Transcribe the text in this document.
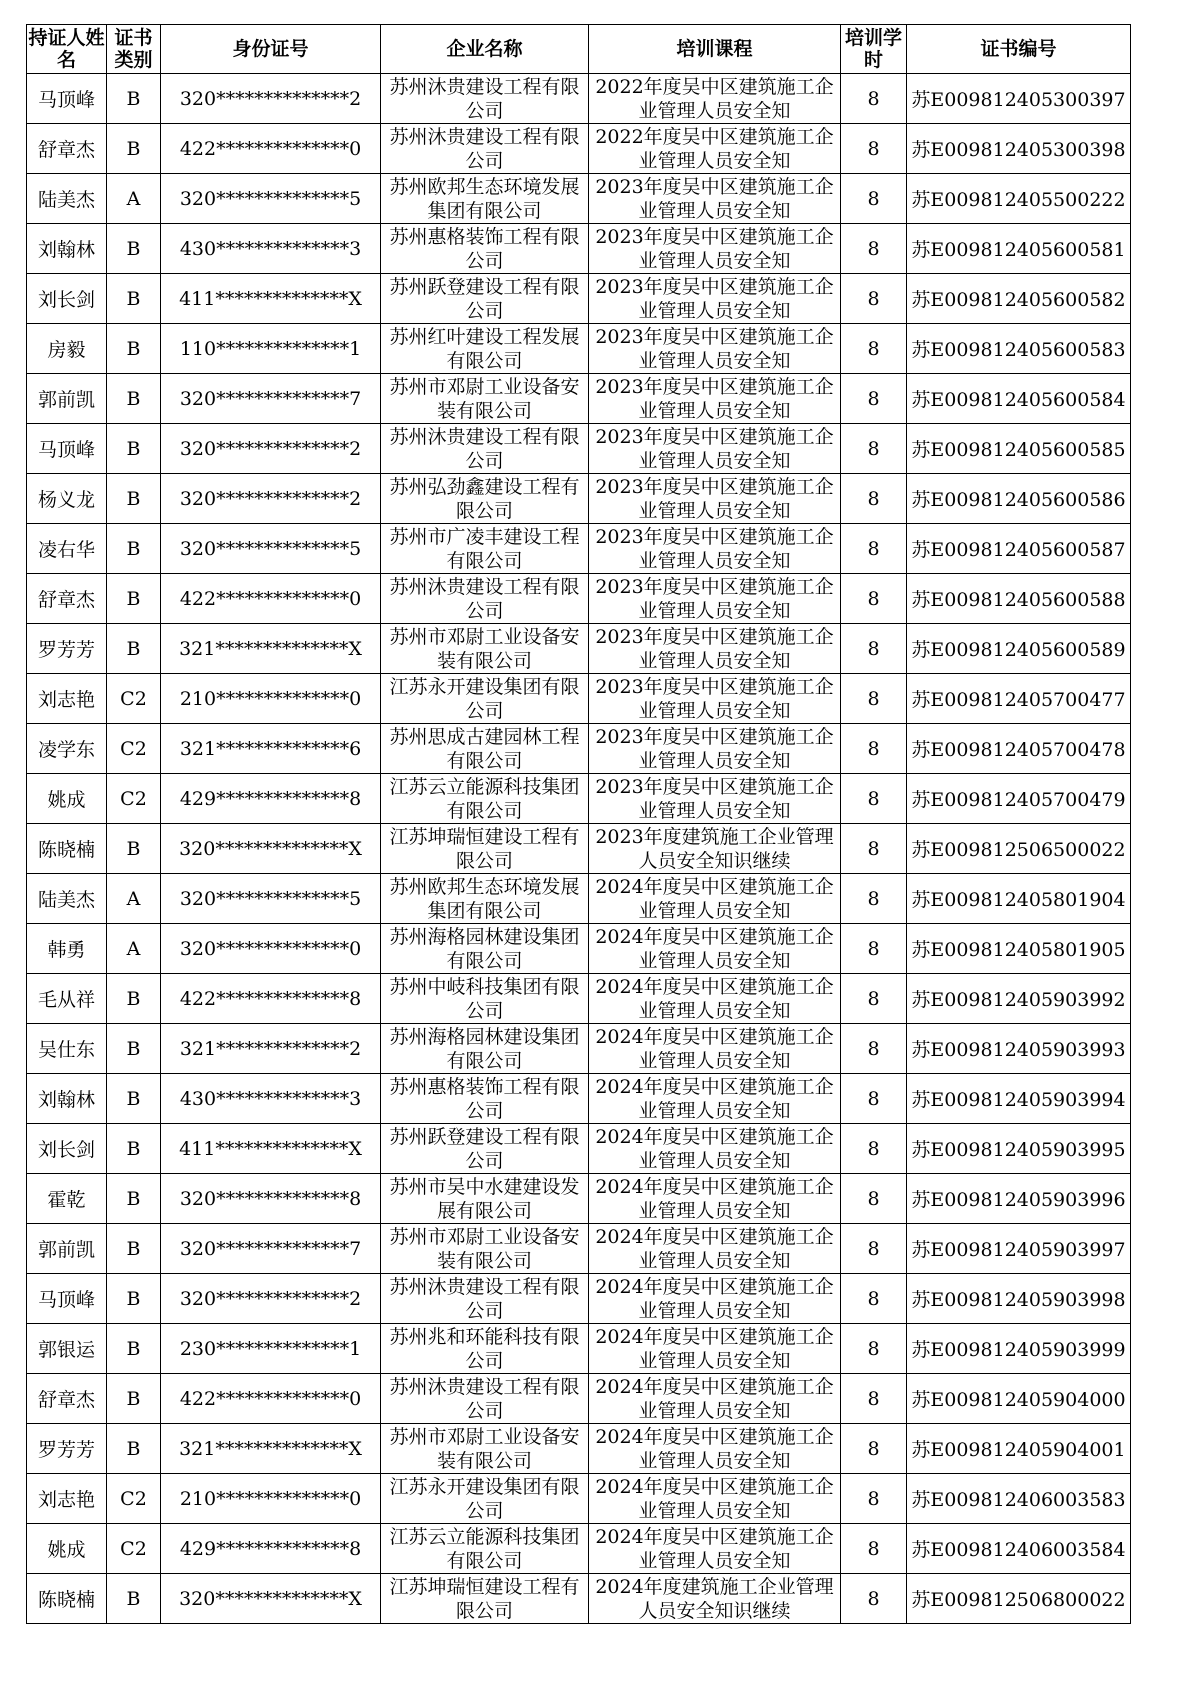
持证人姓名	证书类别	身份证号	企业名称	培训课程	培训学时	证书编号
马顶峰	B	320**************2	苏州沐贵建设工程有限公司	2022年度吴中区建筑施工企业管理人员安全知	8	苏E009812405300397
舒章杰	B	422**************0	苏州沐贵建设工程有限公司	2022年度吴中区建筑施工企业管理人员安全知	8	苏E009812405300398
陆美杰	A	320**************5	苏州欧邦生态环境发展集团有限公司	2023年度吴中区建筑施工企业管理人员安全知	8	苏E009812405500222
刘翰林	B	430**************3	苏州惠格装饰工程有限公司	2023年度吴中区建筑施工企业管理人员安全知	8	苏E009812405600581
刘长剑	B	411**************X	苏州跃登建设工程有限公司	2023年度吴中区建筑施工企业管理人员安全知	8	苏E009812405600582
房毅	B	110**************1	苏州红叶建设工程发展有限公司	2023年度吴中区建筑施工企业管理人员安全知	8	苏E009812405600583
郭前凯	B	320**************7	苏州市邓尉工业设备安装有限公司	2023年度吴中区建筑施工企业管理人员安全知	8	苏E009812405600584
马顶峰	B	320**************2	苏州沐贵建设工程有限公司	2023年度吴中区建筑施工企业管理人员安全知	8	苏E009812405600585
杨义龙	B	320**************2	苏州弘劲鑫建设工程有限公司	2023年度吴中区建筑施工企业管理人员安全知	8	苏E009812405600586
凌右华	B	320**************5	苏州市广凌丰建设工程有限公司	2023年度吴中区建筑施工企业管理人员安全知	8	苏E009812405600587
舒章杰	B	422**************0	苏州沐贵建设工程有限公司	2023年度吴中区建筑施工企业管理人员安全知	8	苏E009812405600588
罗芳芳	B	321**************X	苏州市邓尉工业设备安装有限公司	2023年度吴中区建筑施工企业管理人员安全知	8	苏E009812405600589
刘志艳	C2	210**************0	江苏永开建设集团有限公司	2023年度吴中区建筑施工企业管理人员安全知	8	苏E009812405700477
凌学东	C2	321**************6	苏州思成古建园林工程有限公司	2023年度吴中区建筑施工企业管理人员安全知	8	苏E009812405700478
姚成	C2	429**************8	江苏云立能源科技集团有限公司	2023年度吴中区建筑施工企业管理人员安全知	8	苏E009812405700479
陈晓楠	B	320**************X	江苏坤瑞恒建设工程有限公司	2023年度建筑施工企业管理人员安全知识继续	8	苏E009812506500022
陆美杰	A	320**************5	苏州欧邦生态环境发展集团有限公司	2024年度吴中区建筑施工企业管理人员安全知	8	苏E009812405801904
韩勇	A	320**************0	苏州海格园林建设集团有限公司	2024年度吴中区建筑施工企业管理人员安全知	8	苏E009812405801905
毛从祥	B	422**************8	苏州中岐科技集团有限公司	2024年度吴中区建筑施工企业管理人员安全知	8	苏E009812405903992
吴仕东	B	321**************2	苏州海格园林建设集团有限公司	2024年度吴中区建筑施工企业管理人员安全知	8	苏E009812405903993
刘翰林	B	430**************3	苏州惠格装饰工程有限公司	2024年度吴中区建筑施工企业管理人员安全知	8	苏E009812405903994
刘长剑	B	411**************X	苏州跃登建设工程有限公司	2024年度吴中区建筑施工企业管理人员安全知	8	苏E009812405903995
霍乾	B	320**************8	苏州市吴中水建建设发展有限公司	2024年度吴中区建筑施工企业管理人员安全知	8	苏E009812405903996
郭前凯	B	320**************7	苏州市邓尉工业设备安装有限公司	2024年度吴中区建筑施工企业管理人员安全知	8	苏E009812405903997
马顶峰	B	320**************2	苏州沐贵建设工程有限公司	2024年度吴中区建筑施工企业管理人员安全知	8	苏E009812405903998
郭银运	B	230**************1	苏州兆和环能科技有限公司	2024年度吴中区建筑施工企业管理人员安全知	8	苏E009812405903999
舒章杰	B	422**************0	苏州沐贵建设工程有限公司	2024年度吴中区建筑施工企业管理人员安全知	8	苏E009812405904000
罗芳芳	B	321**************X	苏州市邓尉工业设备安装有限公司	2024年度吴中区建筑施工企业管理人员安全知	8	苏E009812405904001
刘志艳	C2	210**************0	江苏永开建设集团有限公司	2024年度吴中区建筑施工企业管理人员安全知	8	苏E009812406003583
姚成	C2	429**************8	江苏云立能源科技集团有限公司	2024年度吴中区建筑施工企业管理人员安全知	8	苏E009812406003584
陈晓楠	B	320**************X	江苏坤瑞恒建设工程有限公司	2024年度建筑施工企业管理人员安全知识继续	8	苏E009812506800022
